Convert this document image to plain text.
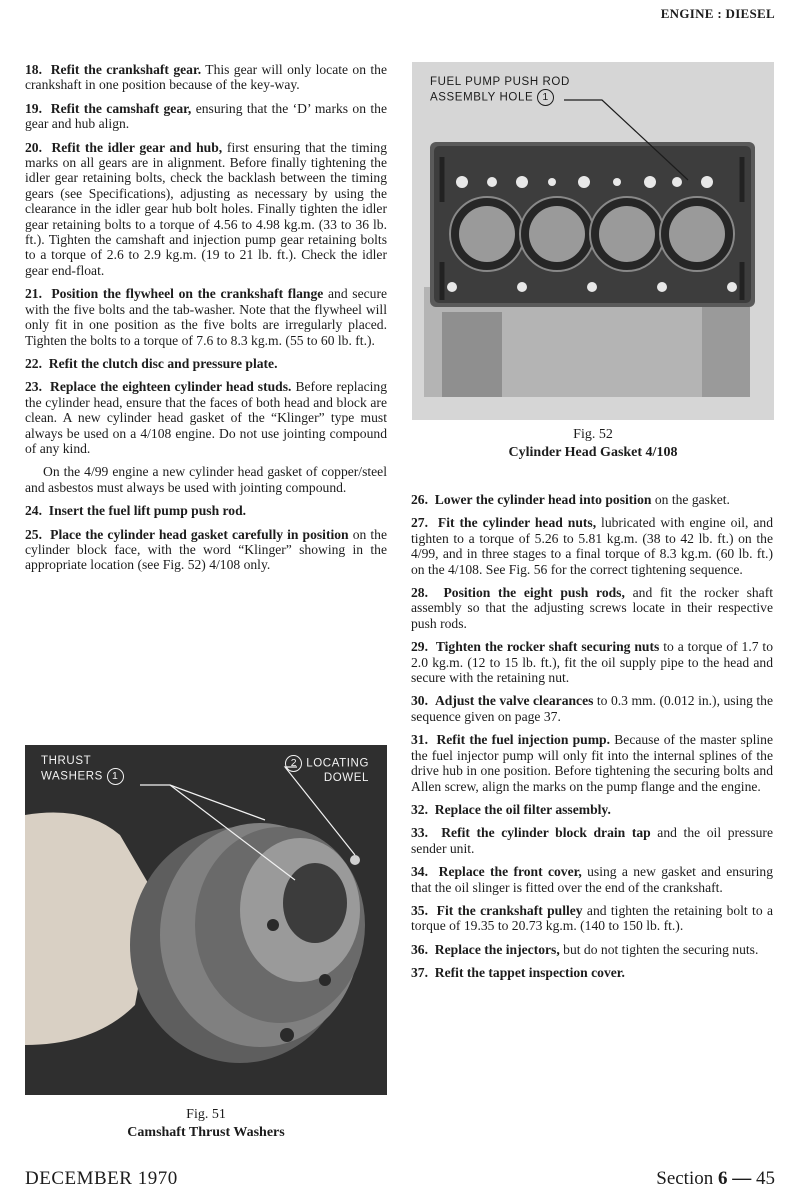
ENGINE : DIESEL

18. Refit the crankshaft gear. This gear will only locate on the crankshaft in one position because of the key-way.

19. Refit the camshaft gear, ensuring that the ‘D’ marks on the gear and hub align.

20. Refit the idler gear and hub, first ensuring that the timing marks on all gears are in alignment. Before finally tightening the idler gear retaining bolts, check the backlash between the timing gears (see Specifications), adjusting as necessary by using the clearance in the idler gear hub bolt holes. Finally tighten the idler gear retaining bolts to a torque of 4.56 to 4.98 kg.m. (33 to 36 lb. ft.). Tighten the camshaft and injection pump gear retaining bolts to a torque of 2.6 to 2.9 kg.m. (19 to 21 lb. ft.). Check the idler gear end-float.

21. Position the flywheel on the crankshaft flange and secure with the five bolts and the tab-washer. Note that the flywheel will only fit in one position as the five bolts are irregularly placed. Tighten the bolts to a torque of 7.6 to 8.3 kg.m. (55 to 60 lb. ft.).

22. Refit the clutch disc and pressure plate.

23. Replace the eighteen cylinder head studs. Before replacing the cylinder head, ensure that the faces of both head and block are clean. A new cylinder head gasket of the “Klinger” type must always be used on a 4/108 engine. Do not use jointing compound of any kind.

On the 4/99 engine a new cylinder head gasket of copper/steel and asbestos must always be used with jointing compound.

24. Insert the fuel lift pump push rod.

25. Place the cylinder head gasket carefully in position on the cylinder block face, with the word “Klinger” showing in the appropriate location (see Fig. 52) 4/108 only.

FUEL PUMP PUSH ROD
ASSEMBLY HOLE 1
Fig. 52
Cylinder Head Gasket 4/108
THRUST
WASHERS 1
2 LOCATING
DOWEL
Fig. 51
Camshaft Thrust Washers

26. Lower the cylinder head into position on the gasket.

27. Fit the cylinder head nuts, lubricated with engine oil, and tighten to a torque of 5.26 to 5.81 kg.m. (38 to 42 lb. ft.) on the 4/99, and in three stages to a final torque of 8.3 kg.m. (60 lb. ft.) on the 4/108. See Fig. 56 for the correct tightening sequence.

28. Position the eight push rods, and fit the rocker shaft assembly so that the adjusting screws locate in their respective push rods.

29. Tighten the rocker shaft securing nuts to a torque of 1.7 to 2.0 kg.m. (12 to 15 lb. ft.), fit the oil supply pipe to the head and secure with the retaining nut.

30. Adjust the valve clearances to 0.3 mm. (0.012 in.), using the sequence given on page 37.

31. Refit the fuel injection pump. Because of the master spline the fuel injector pump will only fit into the internal splines of the drive hub in one position. Before tightening the securing bolts and Allen screw, align the marks on the pump flange and the engine.

32. Replace the oil filter assembly.

33. Refit the cylinder block drain tap and the oil pressure sender unit.

34. Replace the front cover, using a new gasket and ensuring that the oil slinger is fitted over the end of the crankshaft.

35. Fit the crankshaft pulley and tighten the retaining bolt to a torque of 19.35 to 20.73 kg.m. (140 to 150 lb. ft.).

36. Replace the injectors, but do not tighten the securing nuts.

37. Refit the tappet inspection cover.

DECEMBER 1970	Section 6 — 45
